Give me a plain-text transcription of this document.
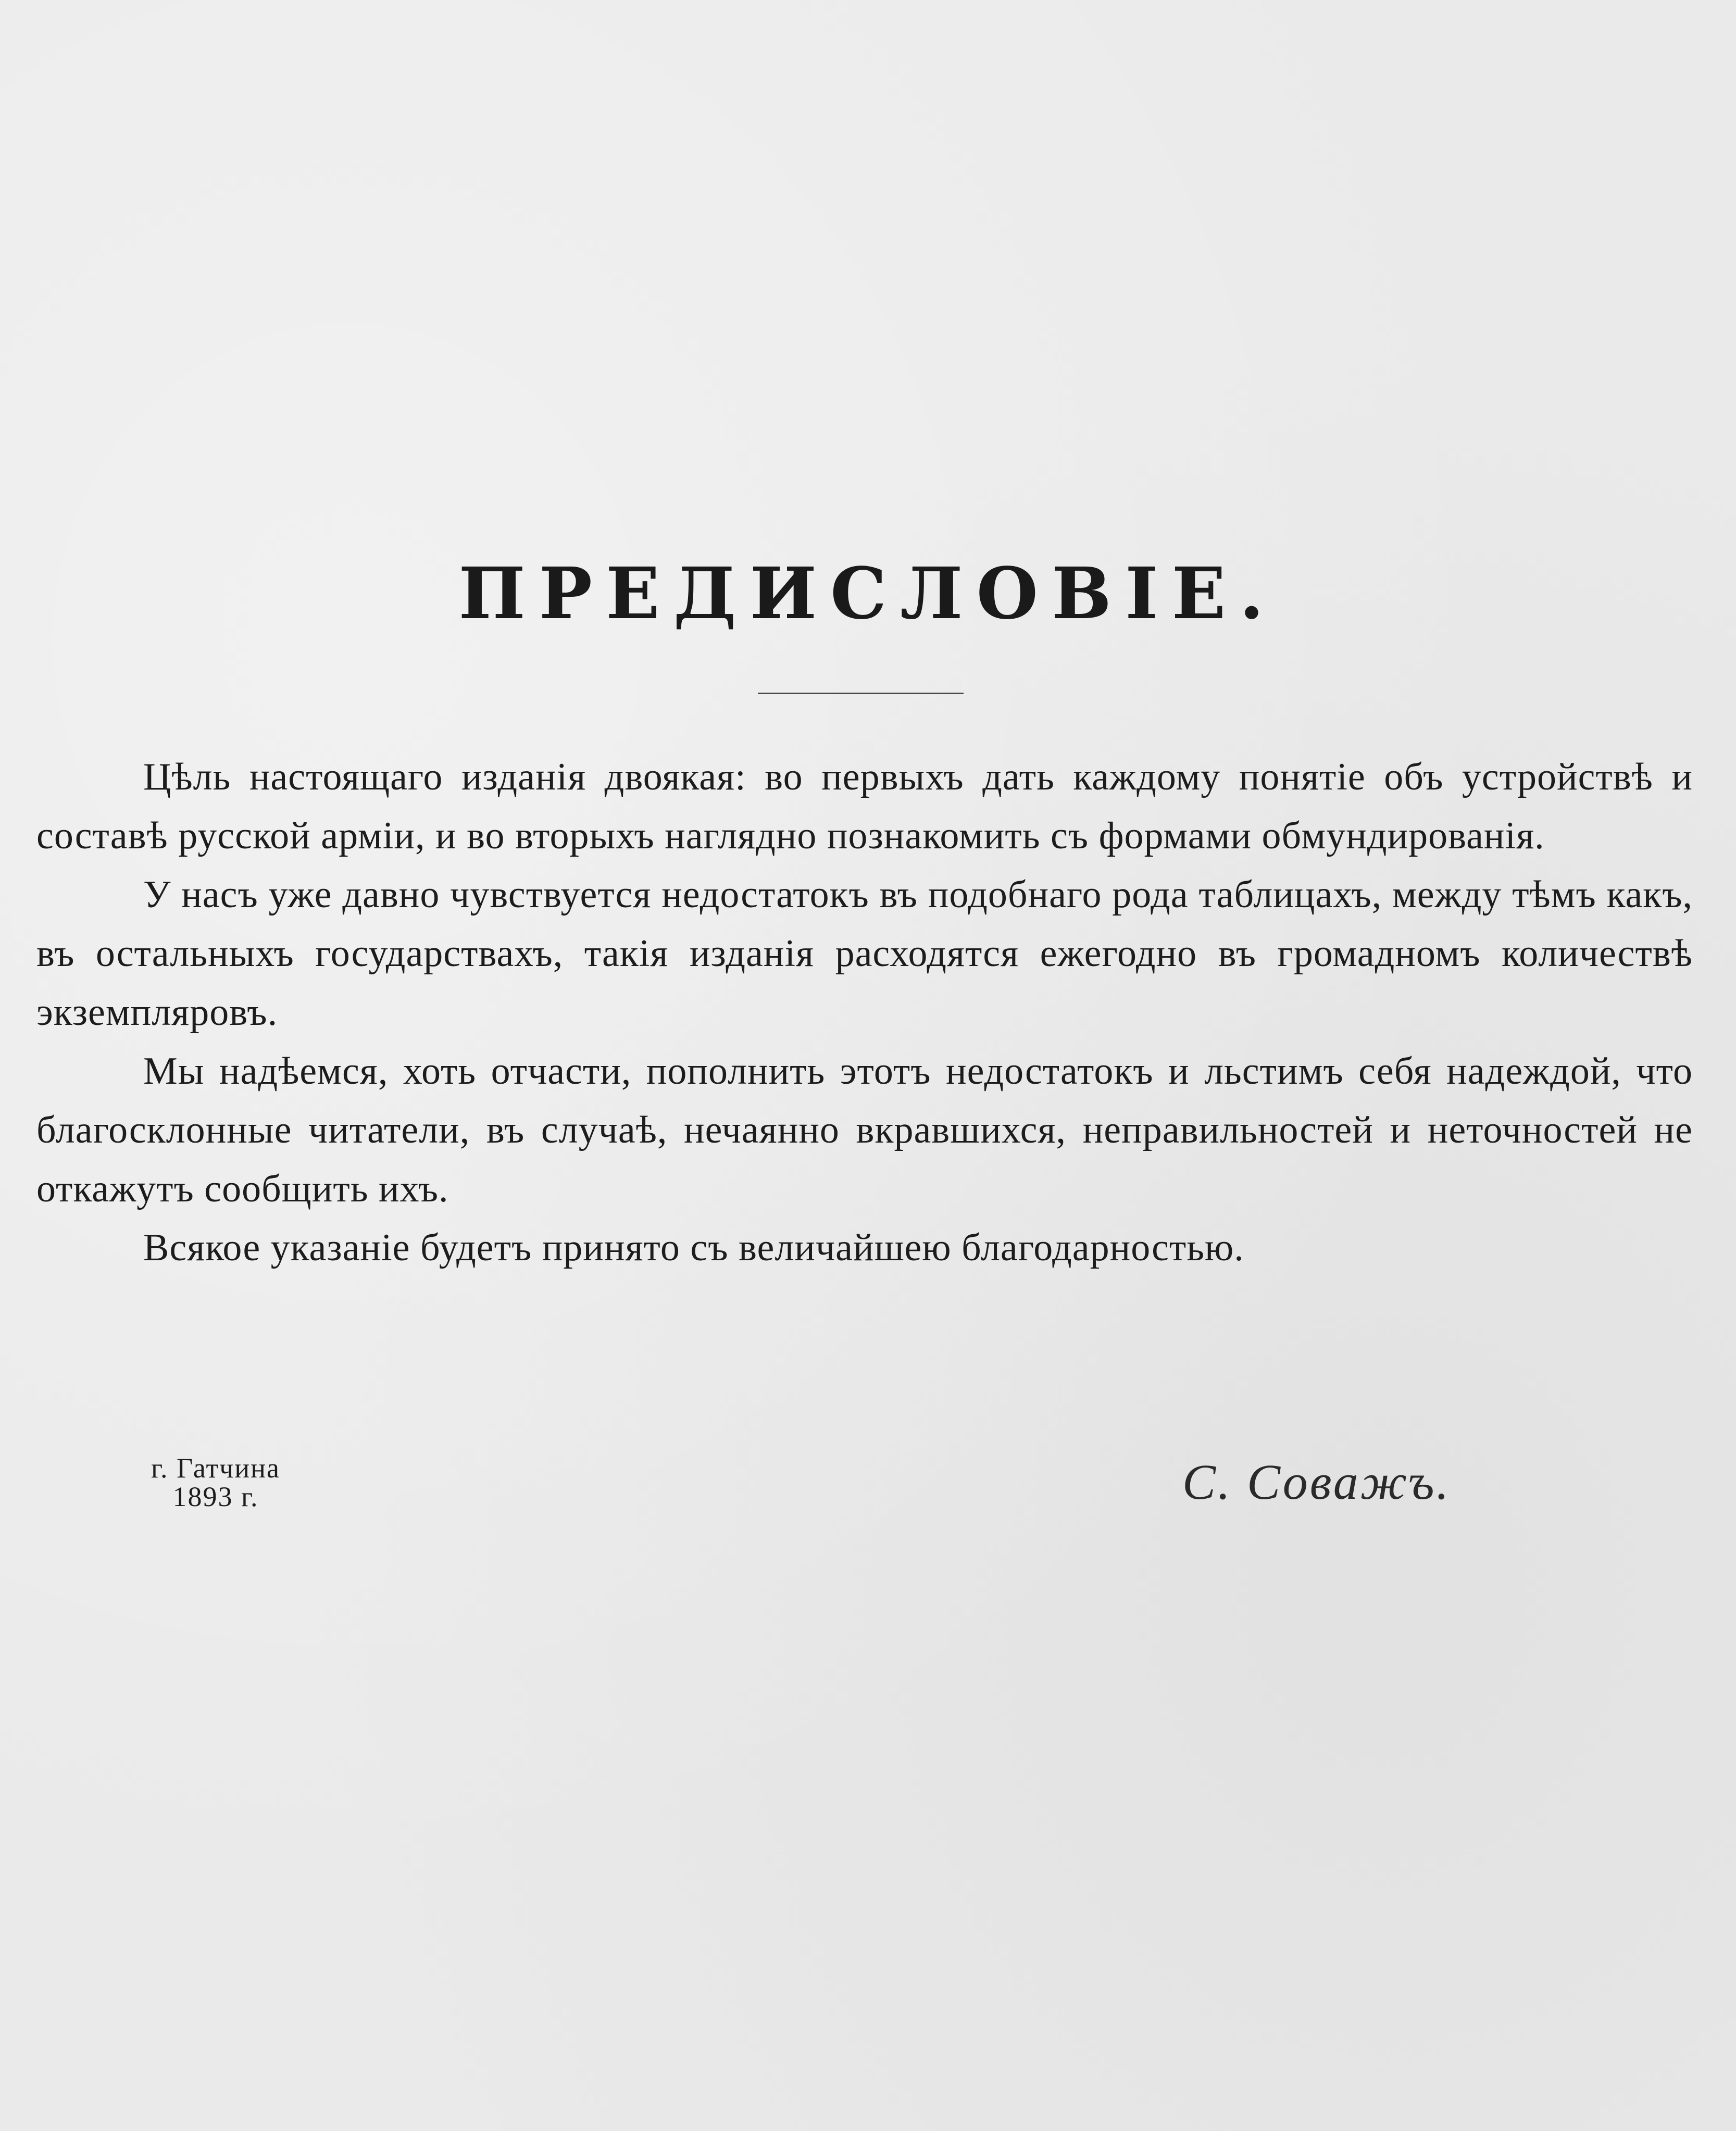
ПРЕДИСЛОВІЕ.

Цѣль настоящаго изданія двоякая: во первыхъ дать каждому понятіе объ устройствѣ и составѣ русской арміи, и во вторыхъ наглядно познакомить съ формами обмундированія.

У насъ уже давно чувствуется недостатокъ въ подобнаго рода таблицахъ, между тѣмъ какъ, въ остальныхъ государствахъ, такія изданія расходятся ежегодно въ громадномъ количествѣ экземпляровъ.

Мы надѣемся, хоть отчасти, пополнить этотъ недостатокъ и льстимъ себя надеждой, что благосклонные читатели, въ случаѣ, нечаянно вкравшихся, неправильностей и неточностей не откажутъ сообщить ихъ.

Всякое указаніе будетъ принято съ величайшею благодарностью.

г. Гатчина
1893 г.	С. Соважъ.
